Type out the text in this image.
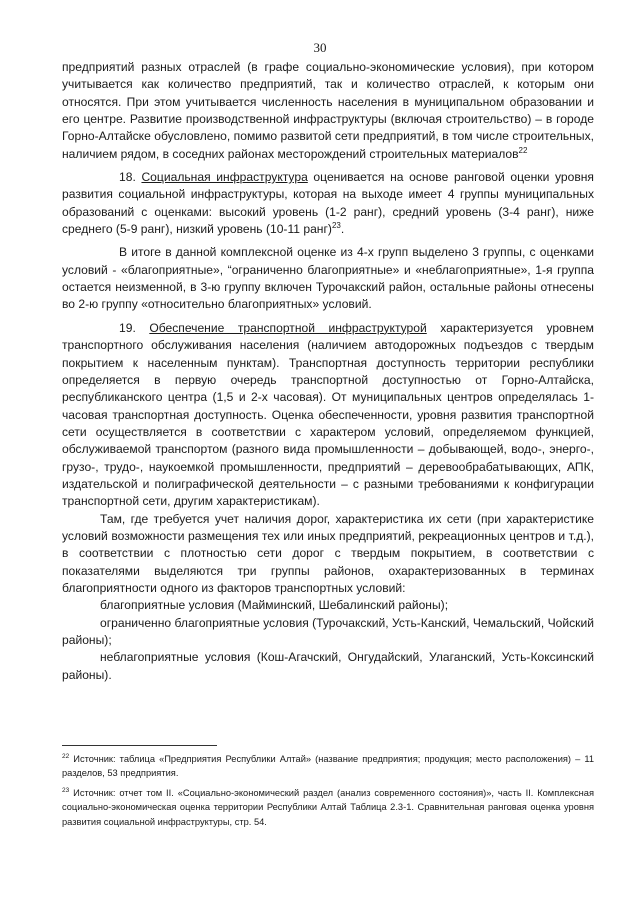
30

предприятий разных отраслей (в графе социально-экономические условия), при котором учитывается как количество предприятий, так и количество отраслей, к которым они относятся. При этом учитывается численность населения в муниципальном образовании и его центре. Развитие производственной инфраструктуры (включая строительство) – в городе Горно-Алтайске обусловлено, помимо развитой сети предприятий, в том числе строительных, наличием рядом, в соседних районах месторождений строительных материалов$^{22}$

18. Социальная инфраструктура оценивается на основе ранговой оценки уровня развития социальной инфраструктуры, которая на выходе имеет 4 группы муниципальных образований с оценками: высокий уровень (1-2 ранг), средний уровень (3-4 ранг), ниже среднего (5-9 ранг), низкий уровень (10-11 ранг)$^{23}$.

В итоге в данной комплексной оценке из 4-х групп выделено 3 группы, с оценками условий - «благоприятные», “ограниченно благоприятные» и «неблагоприятные», 1-я группа остается неизменной, в 3-ю группу включен Турочакский район, остальные районы отнесены во 2-ю группу «относительно благоприятных» условий.

19. Обеспечение транспортной инфраструктурой характеризуется уровнем транспортного обслуживания населения (наличием автодорожных подъездов с твердым покрытием к населенным пунктам). Транспортная доступность территории республики определяется в первую очередь транспортной доступностью от Горно-Алтайска, республиканского центра (1,5 и 2-х часовая). От муниципальных центров определялась 1-часовая транспортная доступность. Оценка обеспеченности, уровня развития транспортной сети осуществляется в соответствии с характером условий, определяемом функцией, обслуживаемой транспортом (разного вида промышленности – добывающей, водо-, энерго-, грузо-, трудо-, наукоемкой промышленности, предприятий – деревообрабатывающих, АПК, издательской и полиграфической деятельности – с разными требованиями к конфигурации транспортной сети, другим характеристикам).

Там, где требуется учет наличия дорог, характеристика их сети (при характеристике условий возможности размещения тех или иных предприятий, рекреационных центров и т.д.), в соответствии с плотностью сети дорог с твердым покрытием, в соответствии с показателями выделяются три группы районов, охарактеризованных в терминах благоприятности одного из факторов транспортных условий:

благоприятные условия (Майминский, Шебалинский районы);

ограниченно благоприятные условия (Турочакский, Усть-Канский, Чемальский, Чойский районы);

неблагоприятные условия (Кош-Агачский, Онгудайский, Улаганский, Усть-Коксинский районы).

$^{22}$ Источник: таблица «Предприятия Республики Алтай» (название предприятия; продукция; место расположения) – 11 разделов, 53 предприятия.

$^{23}$ Источник: отчет том II. «Социально-экономический раздел (анализ современного состояния)», часть II. Комплексная социально-экономическая оценка территории Республики Алтай Таблица 2.3-1. Сравнительная ранговая оценка уровня развития социальной инфраструктуры, стр. 54.
